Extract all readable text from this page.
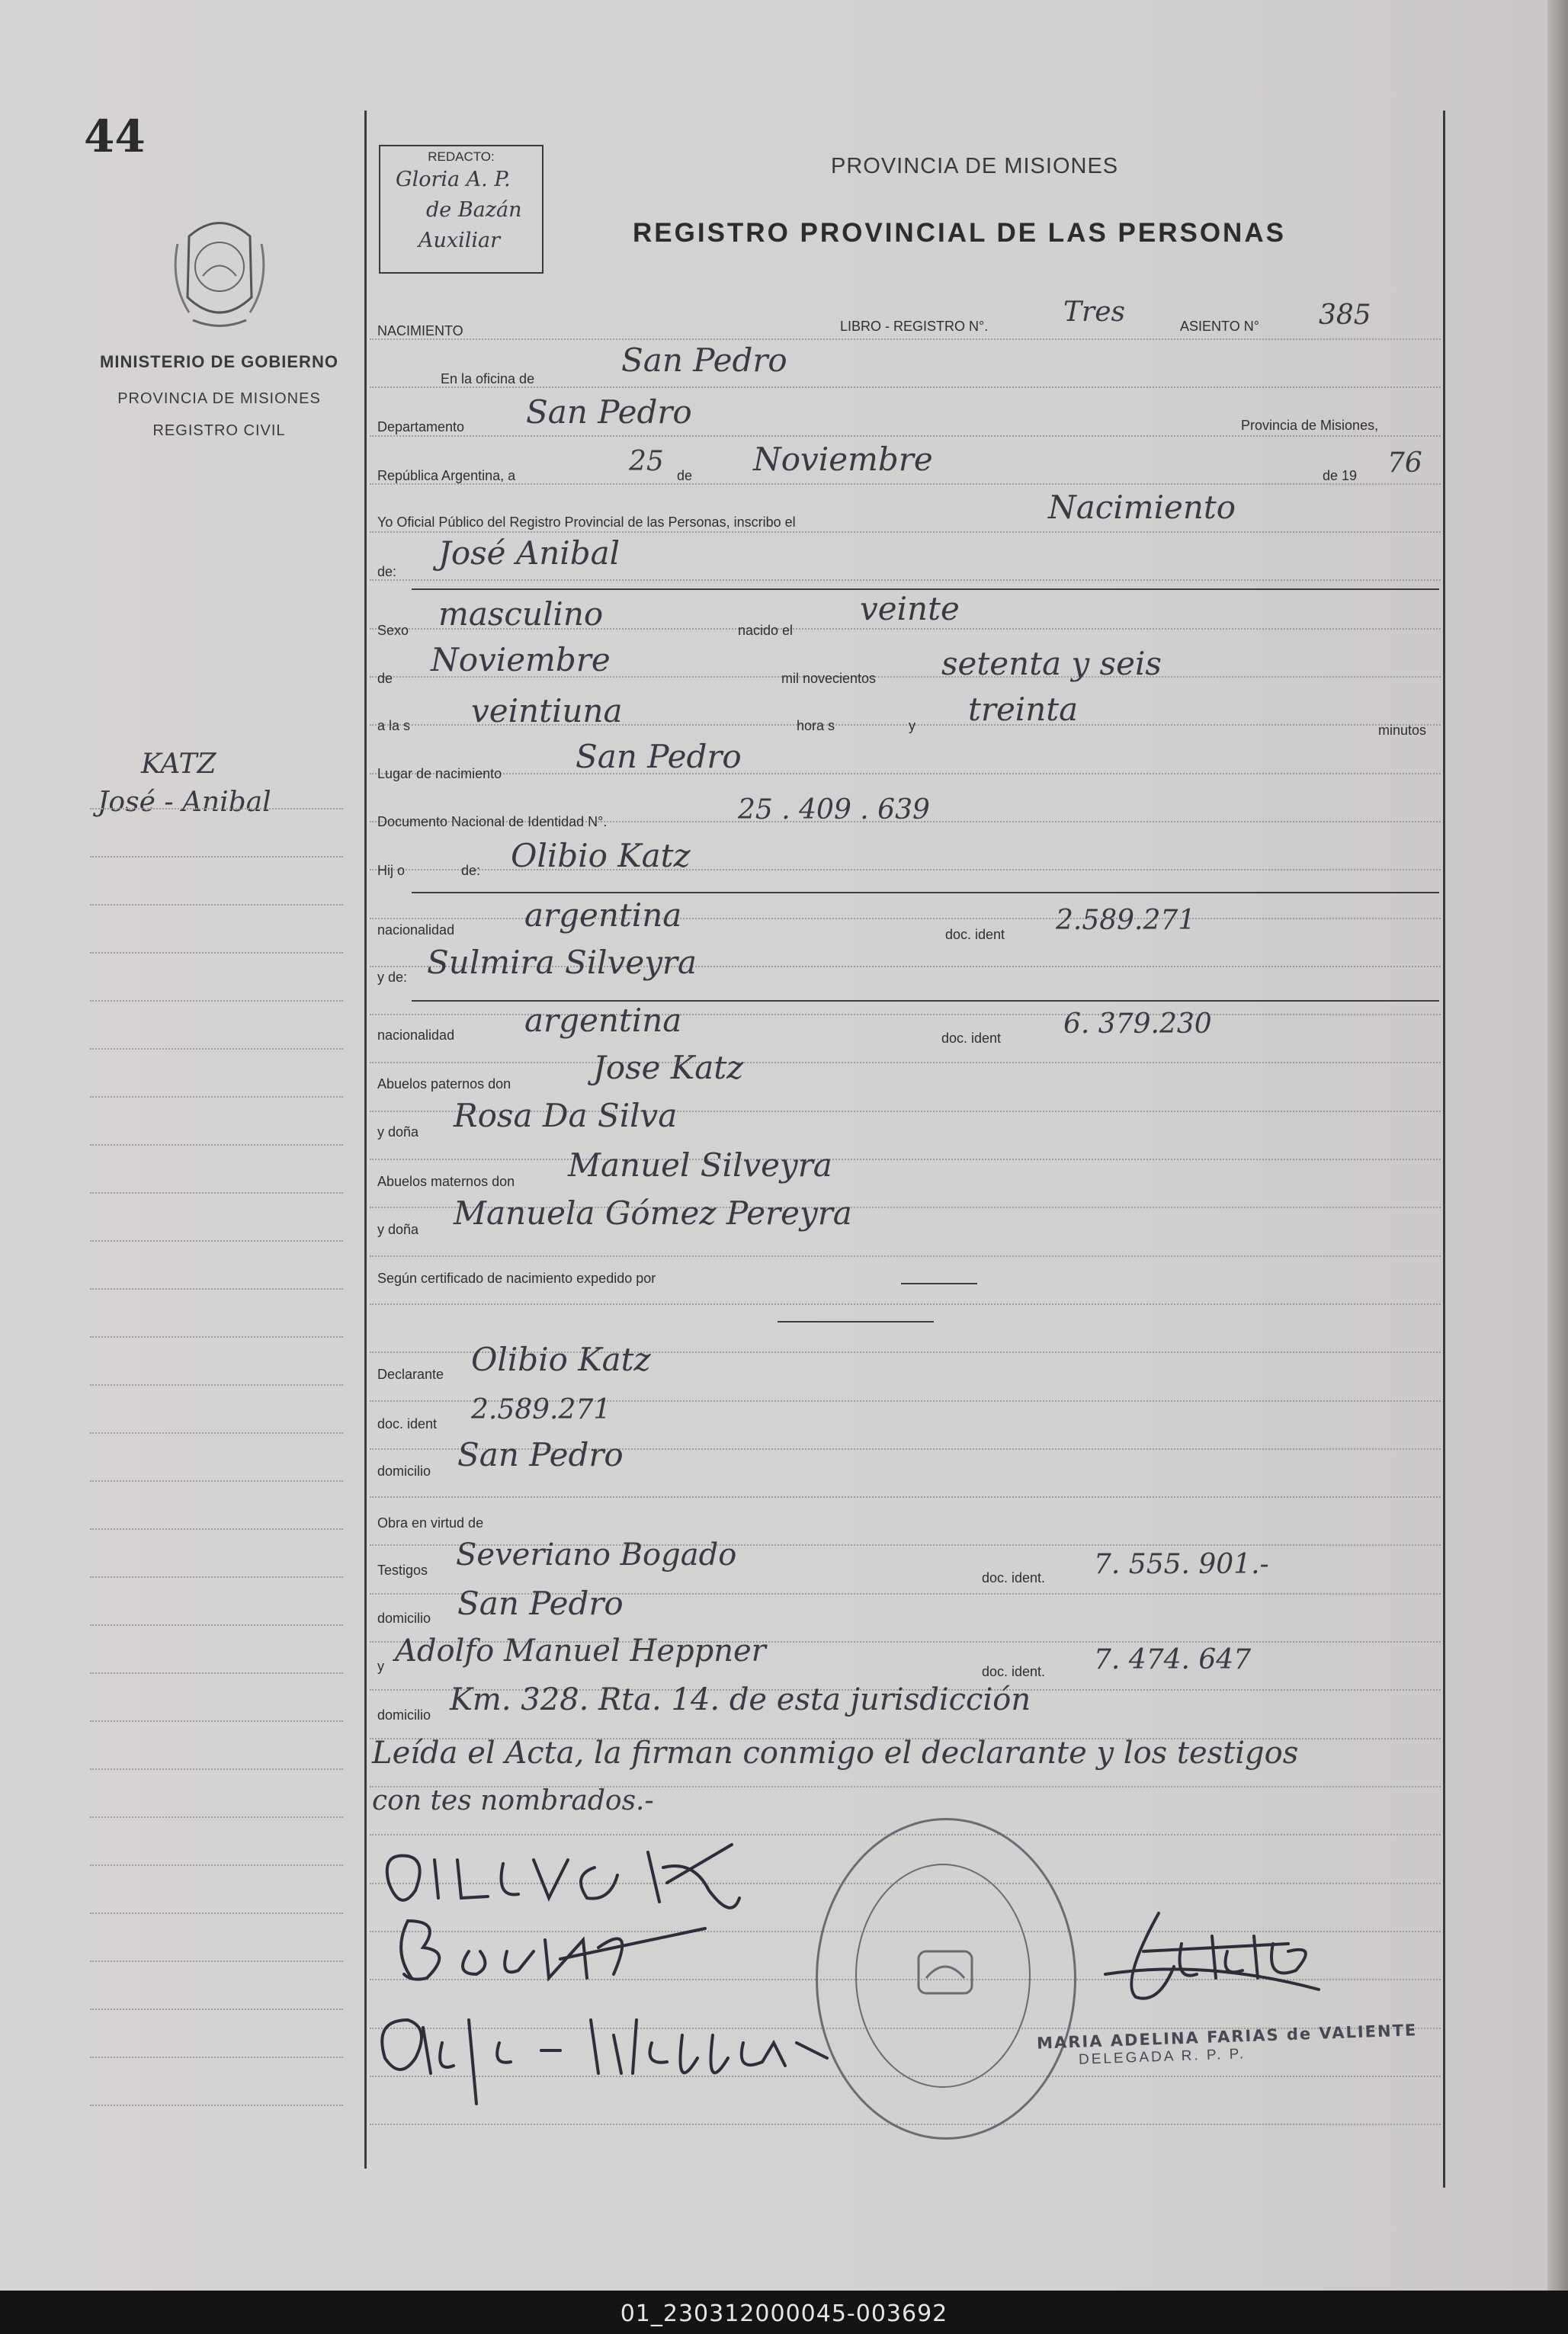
01_230312000045-003692
44
MINISTERIO DE GOBIERNO
PROVINCIA DE MISIONES
REGISTRO CIVIL
KATZ
José - Anibal
REDACTO:
Gloria A. P.
de Bazán
Auxiliar
PROVINCIA DE MISIONES
REGISTRO PROVINCIAL DE LAS PERSONAS
NACIMIENTO	LIBRO - REGISTRO N°.	Tres	ASIENTO N° 385
En la oficina de	San Pedro
Departamento San Pedro	Provincia de Misiones,
República Argentina, a	25 de Noviembre	de 19 76
Yo Oficial Público del Registro Provincial de las Personas, inscribo el	Nacimiento
de: José Anibal
Sexo masculino	nacido el
veinte
de Noviembre	mil novecientos setenta y seis
a la s veintiuna	hora s	y treinta
minutos
Lugar de nacimiento San Pedro
Documento Nacional de Identidad N°.	25 . 409 . 639
Hij o	de: Olibio Katz
nacionalidad argentina
doc. ident 2.589.271
y de: Sulmira Silveyra
nacionalidad argentina	doc. ident 6. 379.230
Abuelos paternos don	Jose Katz
y doña Rosa Da Silva
Abuelos maternos don Manuel Silveyra
y doña Manuela Gómez Pereyra
Según certificado de nacimiento expedido por
Declarante Olibio Katz
doc. ident 2.589.271
domicilio San Pedro
Obra en virtud de
Testigos Severiano Bogado
doc. ident. 7. 555. 901.-
domicilio San Pedro
y Adolfo Manuel Heppner
doc. ident. 7. 474. 647
domicilio Km. 328. Rta. 14. de esta jurisdicción
Leída el Acta, la firman conmigo el declarante y los testigos
con tes nombrados.-
MARIA ADELINA FARIAS de VALIENTE
DELEGADA R. P. P.
